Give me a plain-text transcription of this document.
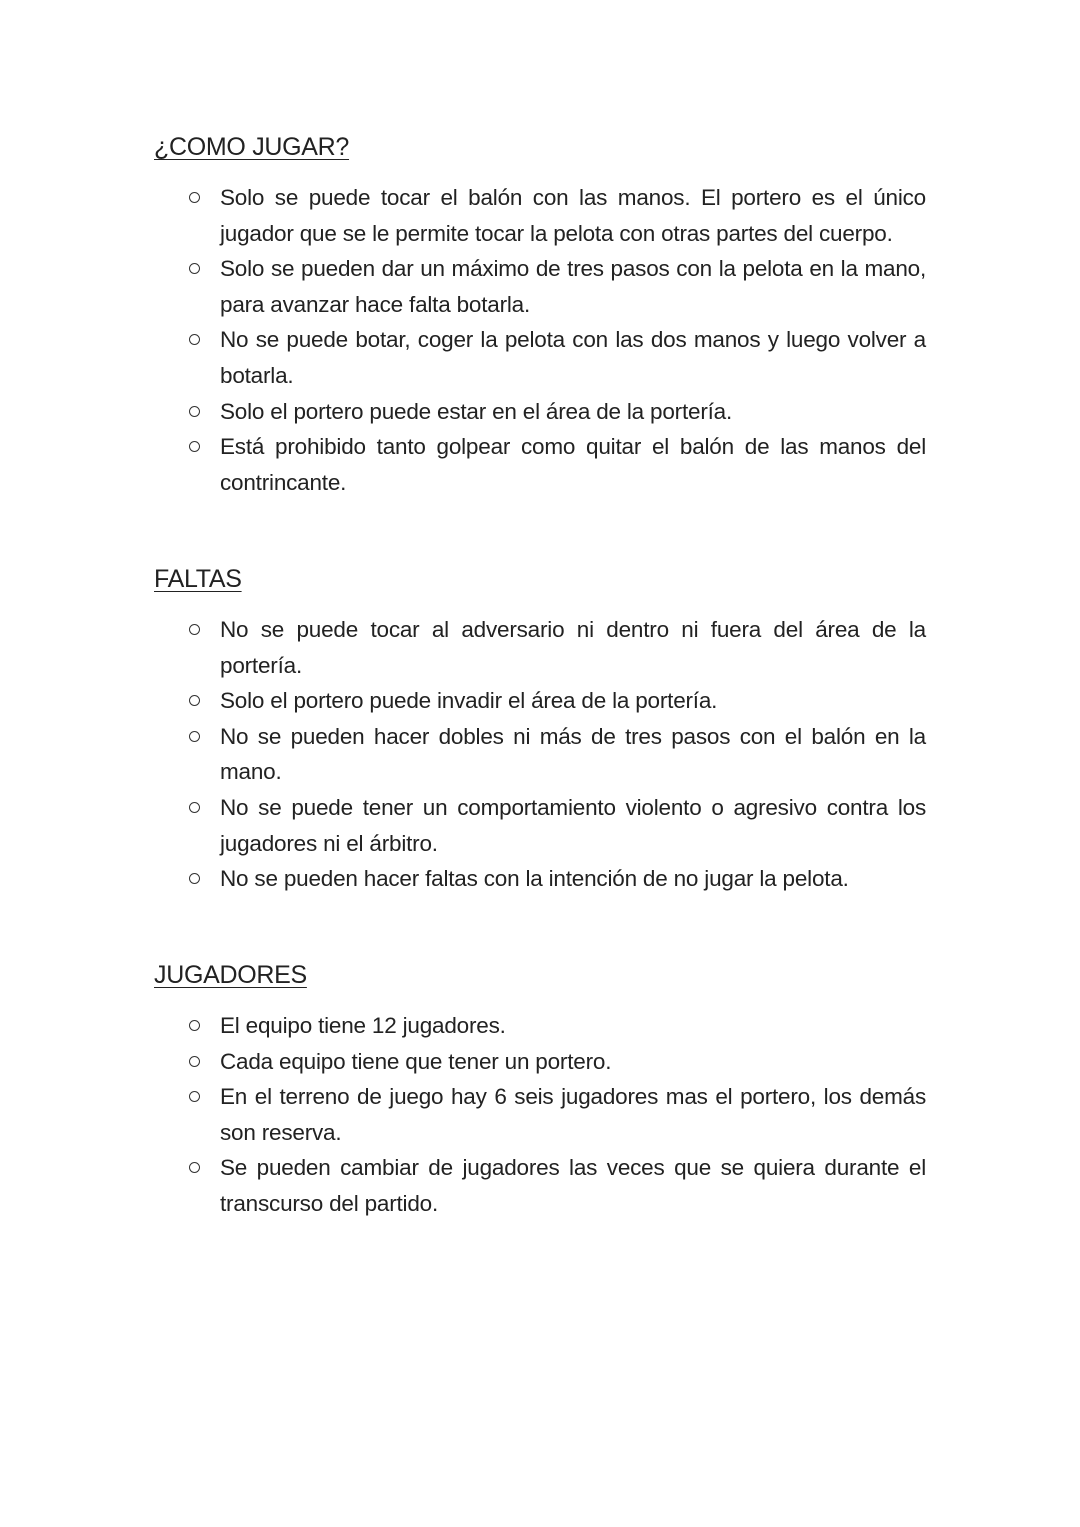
¿COMO JUGAR?
Solo se puede tocar el balón con las manos. El portero es el único jugador que se le permite tocar la pelota con otras partes del cuerpo.
Solo se pueden dar un máximo de tres pasos con la pelota en la mano, para avanzar hace falta botarla.
No se puede botar, coger la pelota con las dos manos y luego volver a botarla.
Solo el portero puede estar en el área de la portería.
Está prohibido tanto golpear como quitar el balón de las manos del contrincante.
FALTAS
No se puede tocar al adversario ni dentro ni fuera del área de la portería.
Solo el portero puede invadir el área de la portería.
No se pueden hacer dobles ni más de tres pasos con el balón en la mano.
No se puede tener un comportamiento violento o agresivo contra los jugadores ni el árbitro.
No se pueden hacer faltas con la intención de no jugar la pelota.
JUGADORES
El equipo tiene 12 jugadores.
Cada equipo tiene que tener un portero.
En el terreno de juego hay 6 seis jugadores mas el portero, los demás son reserva.
Se pueden cambiar de jugadores las veces que se quiera durante el transcurso del partido.
